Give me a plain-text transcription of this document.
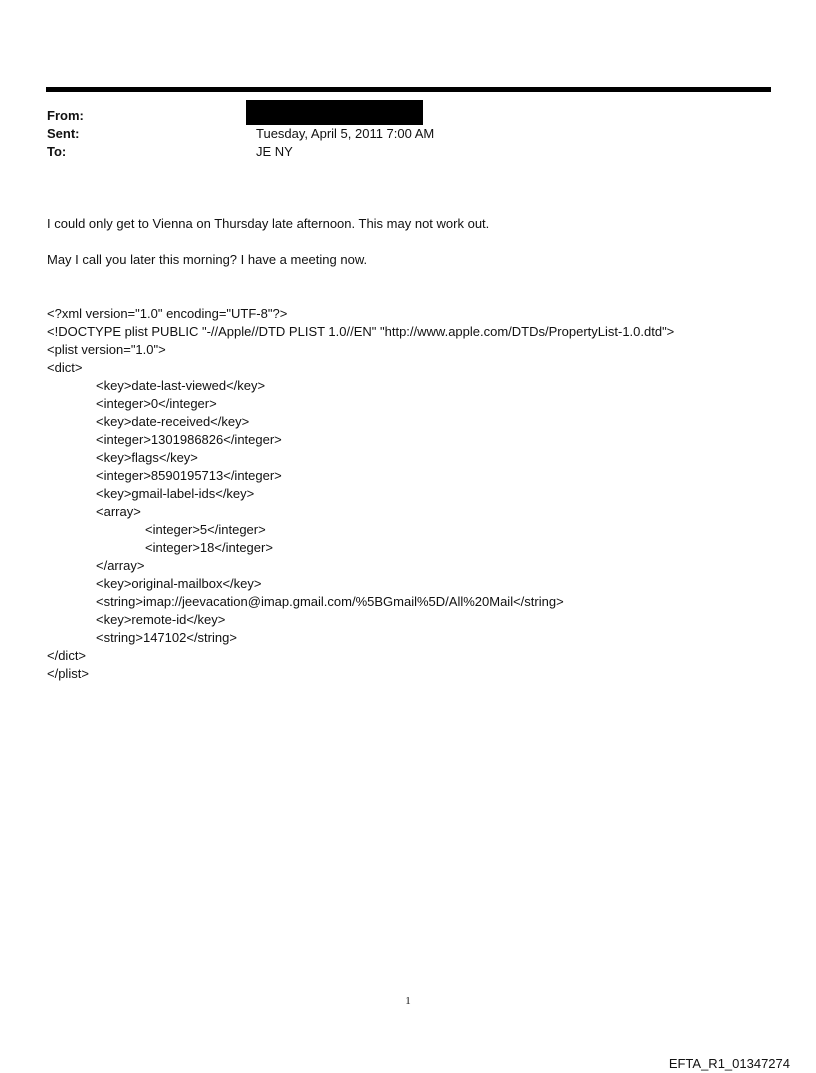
From:
Sent:	Tuesday, April 5, 2011 7:00 AM
To:	JE NY
I could only get to Vienna on Thursday late afternoon. This may not work out.
May I call you later this morning? I have a meeting now.
<?xml version="1.0" encoding="UTF-8"?>
<!DOCTYPE plist PUBLIC "-//Apple//DTD PLIST 1.0//EN" "http://www.apple.com/DTDs/PropertyList-1.0.dtd">
<plist version="1.0">
<dict>
<key>date-last-viewed</key>
<integer>0</integer>
<key>date-received</key>
<integer>1301986826</integer>
<key>flags</key>
<integer>8590195713</integer>
<key>gmail-label-ids</key>
<array>
<integer>5</integer>
<integer>18</integer>
</array>
<key>original-mailbox</key>
<string>imap://jeevacation@imap.gmail.com/%5BGmail%5D/All%20Mail</string>
<key>remote-id</key>
<string>147102</string>
</dict>
</plist>
1
EFTA_R1_01347274
